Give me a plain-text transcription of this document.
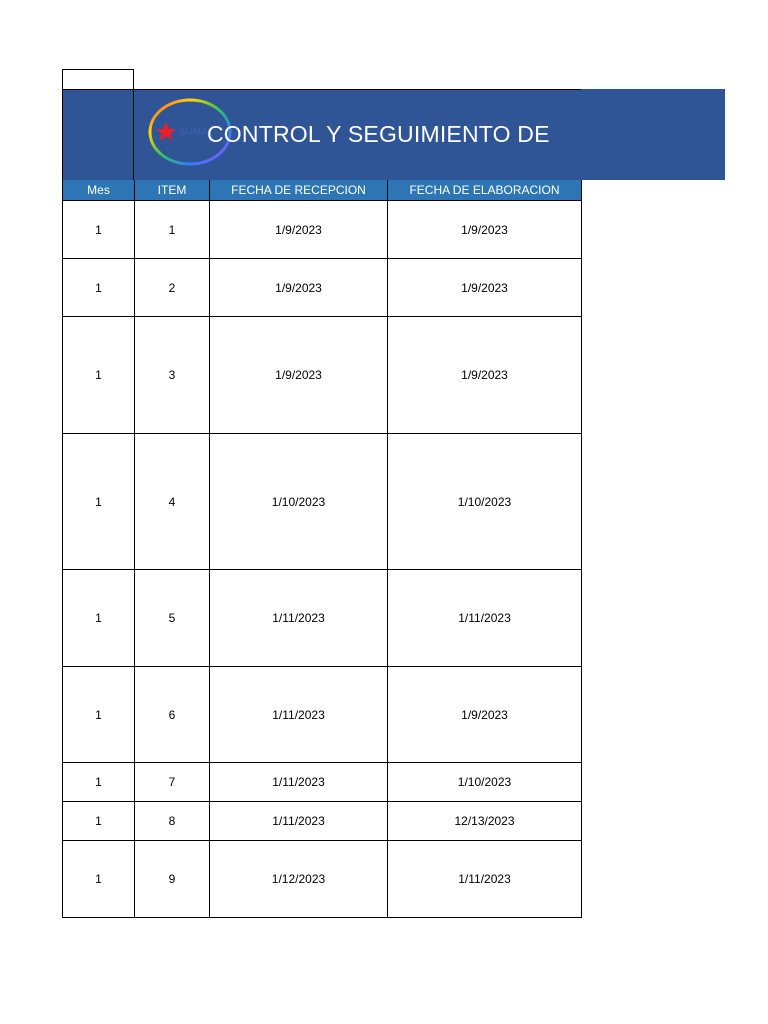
SUMA
CONTROL Y SEGUIMIENTO DE
Mes	ITEM	FECHA DE RECEPCION	FECHA DE ELABORACION
1	1	1/9/2023	1/9/2023
1	2	1/9/2023	1/9/2023
1	3	1/9/2023	1/9/2023
1	4	1/10/2023	1/10/2023
1	5	1/11/2023	1/11/2023
1	6	1/11/2023	1/9/2023
1	7	1/11/2023	1/10/2023
1	8	1/11/2023	12/13/2023
1	9	1/12/2023	1/11/2023
